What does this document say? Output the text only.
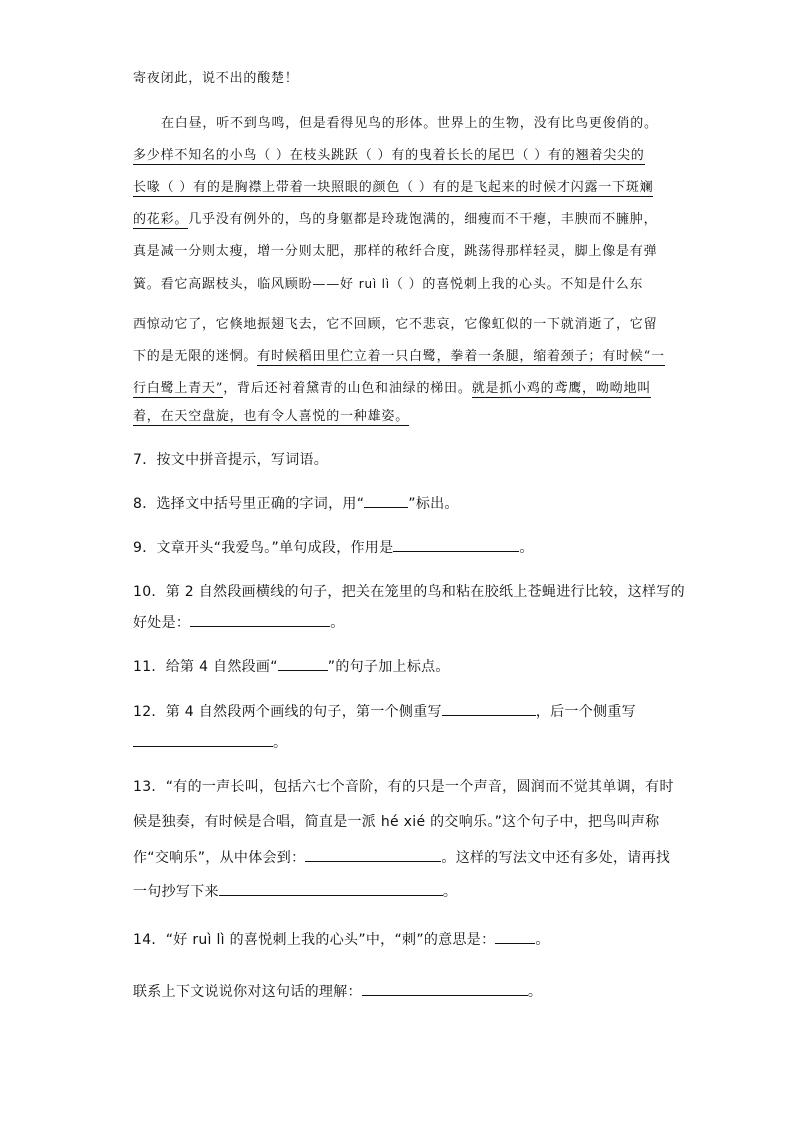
寄夜闭此，说不出的酸楚！
在白昼，听不到鸟鸣，但是看得见鸟的形体。世界上的生物，没有比鸟更俊俏的。
多少样不知名的小鸟（ ）在枝头跳跃（ ）有的曳着长长的尾巴（ ）有的翘着尖尖的
长喙（ ）有的是胸襟上带着一块照眼的颜色（ ）有的是飞起来的时候才闪露一下斑斓
的花彩。几乎没有例外的，鸟的身躯都是玲珑饱满的，细瘦而不干瘪，丰腴而不臃肿，
真是减一分则太瘦，增一分则太肥，那样的秾纤合度，跳荡得那样轻灵，脚上像是有弹
簧。看它高踞枝头，临风顾盼——好 ruì lì（ ）的喜悦刺上我的心头。不知是什么东
西惊动它了，它倏地振翅飞去，它不回顾，它不悲哀，它像虹似的一下就消逝了，它留
下的是无限的迷惘。有时候稻田里伫立着一只白鹭，拳着一条腿，缩着颈子；有时候“一
行白鹭上青天”，背后还衬着黛青的山色和油绿的梯田。就是抓小鸡的鸢鹰，呦呦地叫
着，在天空盘旋，也有令人喜悦的一种雄姿。
7．按文中拼音提示，写词语。
8．选择文中括号里正确的字词，用“	”标出。
9．文章开头“我爱鸟。”单句成段，作用是	。
10．第 2 自然段画横线的句子，把关在笼里的鸟和粘在胶纸上苍蝇进行比较，这样写的
好处是：	。
11．给第 4 自然段画“	”的句子加上标点。
12．第 4 自然段两个画线的句子，第一个侧重写	，后一个侧重写
。
13．“有的一声长叫，包括六七个音阶，有的只是一个声音，圆润而不觉其单调，有时
候是独奏，有时候是合唱，简直是一派 hé xié 的交响乐。”这个句子中，把鸟叫声称
作“交响乐”，从中体会到：	。这样的写法文中还有多处，请再找
一句抄写下来	。
14．“好 ruì lì 的喜悦刺上我的心头”中，“刺”的意思是：	。
联系上下文说说你对这句话的理解：	。
